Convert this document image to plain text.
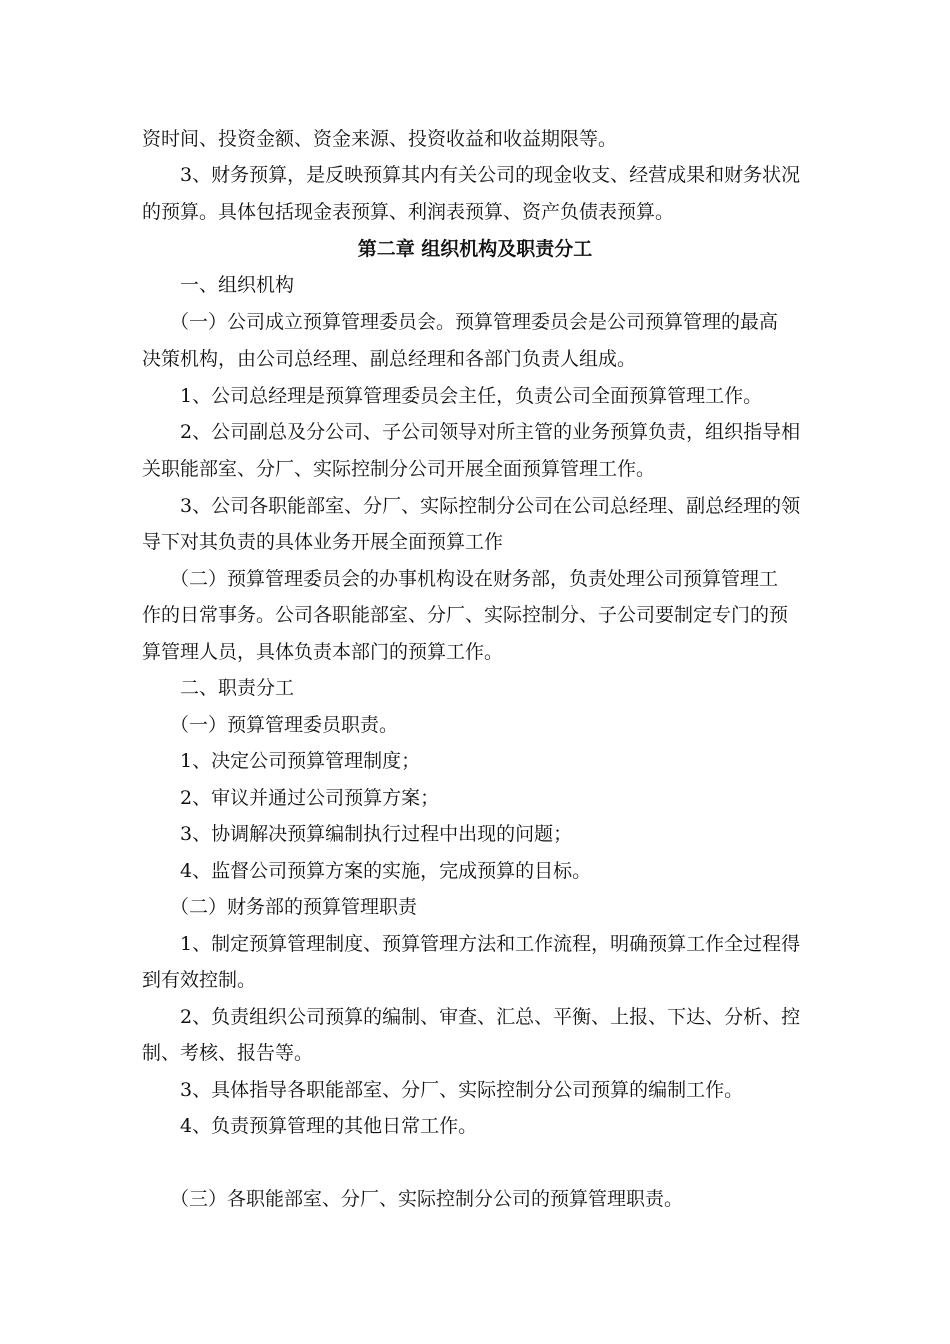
资时间、投资金额、资金来源、投资收益和收益期限等。
3、财务预算，是反映预算其内有关公司的现金收支、经营成果和财务状况
的预算。具体包括现金表预算、利润表预算、资产负债表预算。
第二章 组织机构及职责分工
一、组织机构
（一）公司成立预算管理委员会。预算管理委员会是公司预算管理的最高
决策机构，由公司总经理、副总经理和各部门负责人组成。
1、公司总经理是预算管理委员会主任，负责公司全面预算管理工作。
2、公司副总及分公司、子公司领导对所主管的业务预算负责，组织指导相
关职能部室、分厂、实际控制分公司开展全面预算管理工作。
3、公司各职能部室、分厂、实际控制分公司在公司总经理、副总经理的领
导下对其负责的具体业务开展全面预算工作
（二）预算管理委员会的办事机构设在财务部，负责处理公司预算管理工
作的日常事务。公司各职能部室、分厂、实际控制分、子公司要制定专门的预
算管理人员，具体负责本部门的预算工作。
二、职责分工
（一）预算管理委员职责。
1、决定公司预算管理制度；
2、审议并通过公司预算方案；
3、协调解决预算编制执行过程中出现的问题；
4、监督公司预算方案的实施，完成预算的目标。
（二）财务部的预算管理职责
1、制定预算管理制度、预算管理方法和工作流程，明确预算工作全过程得
到有效控制。
2、负责组织公司预算的编制、审查、汇总、平衡、上报、下达、分析、控
制、考核、报告等。
3、具体指导各职能部室、分厂、实际控制分公司预算的编制工作。
4、负责预算管理的其他日常工作。
（三）各职能部室、分厂、实际控制分公司的预算管理职责。
